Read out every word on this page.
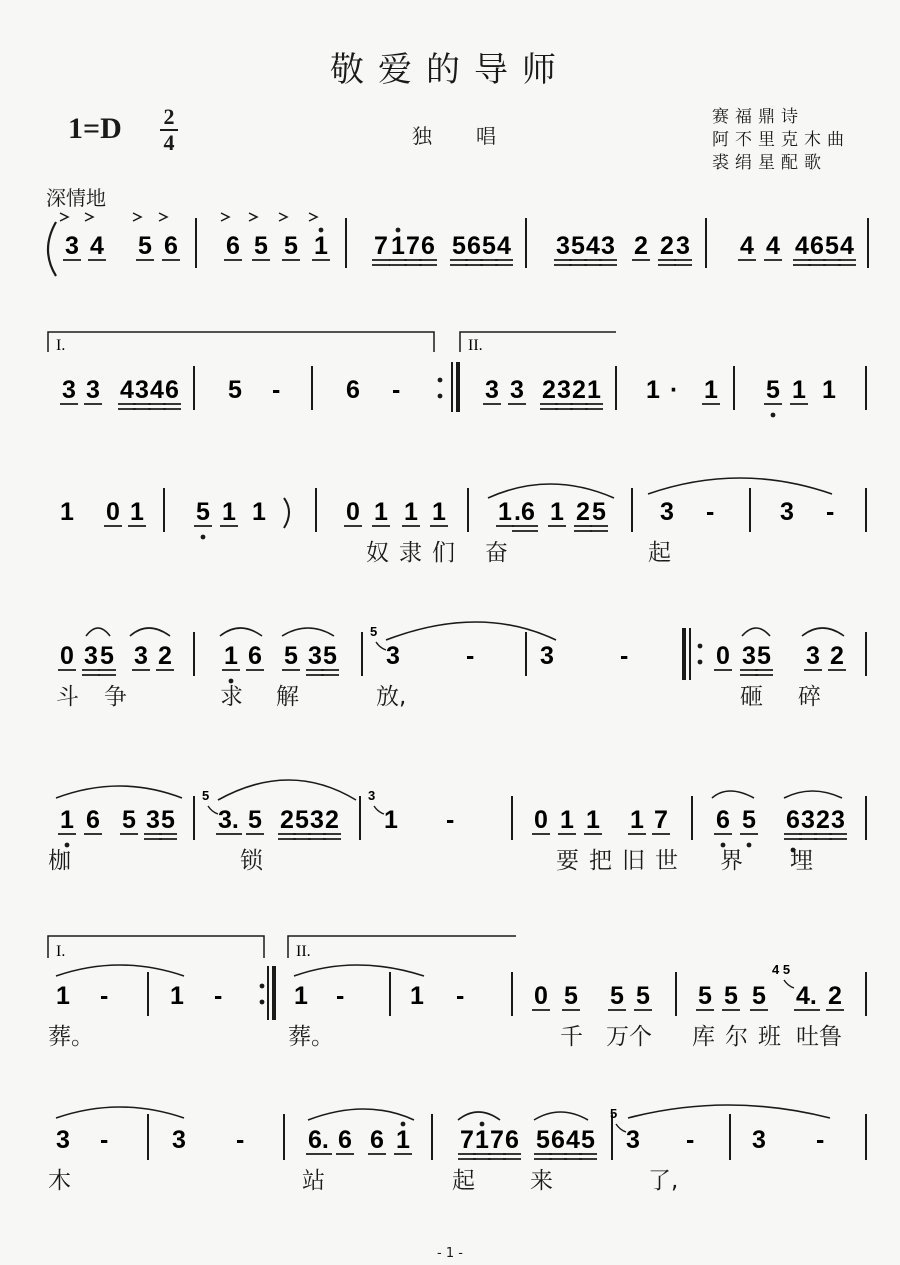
敬爱的导师
1=D 2
4	独唱
赛福鼎诗
阿不里克木曲
裘绢星配歌
深情地
I.	II.
I.	II.
5
5	3
4 5
5
3 4 5 6 6 5 5 1 7 1 7 6 5 6 5 4 3 5 4 3 2 2 3 4 4 4 6 5 4
3 3 4 3 4 6 5 -	6 -	3 3 2 3 2 1 1 · 1 5 1 1
1 0 1 5 1 1	0 1 1 1 1 .6 1 2 5 3 -	3 -
0 3 5 3 2 1 6 5 3 5 3	-	3	-	0 3 5 3 2
1 6 5 3 5 3. 5 2 5 3 2 1 -	0 1 1 1 7 6 5 6 3 2 3
1 - 1 -	1 -	1 -	0 5 5 5 5 5 5 4. 2
3 -	3 -	6. 6 6 1 7 1 7 6 5 6 4 5 3 - 3 -
奴隶们 奋	起
斗 争	求 解	放,	砸 碎
枷	锁	要把旧世 界 埋
葬。	葬。	千 万个 库尔班 吐鲁
木	站	起 来	了,
- 1 -
